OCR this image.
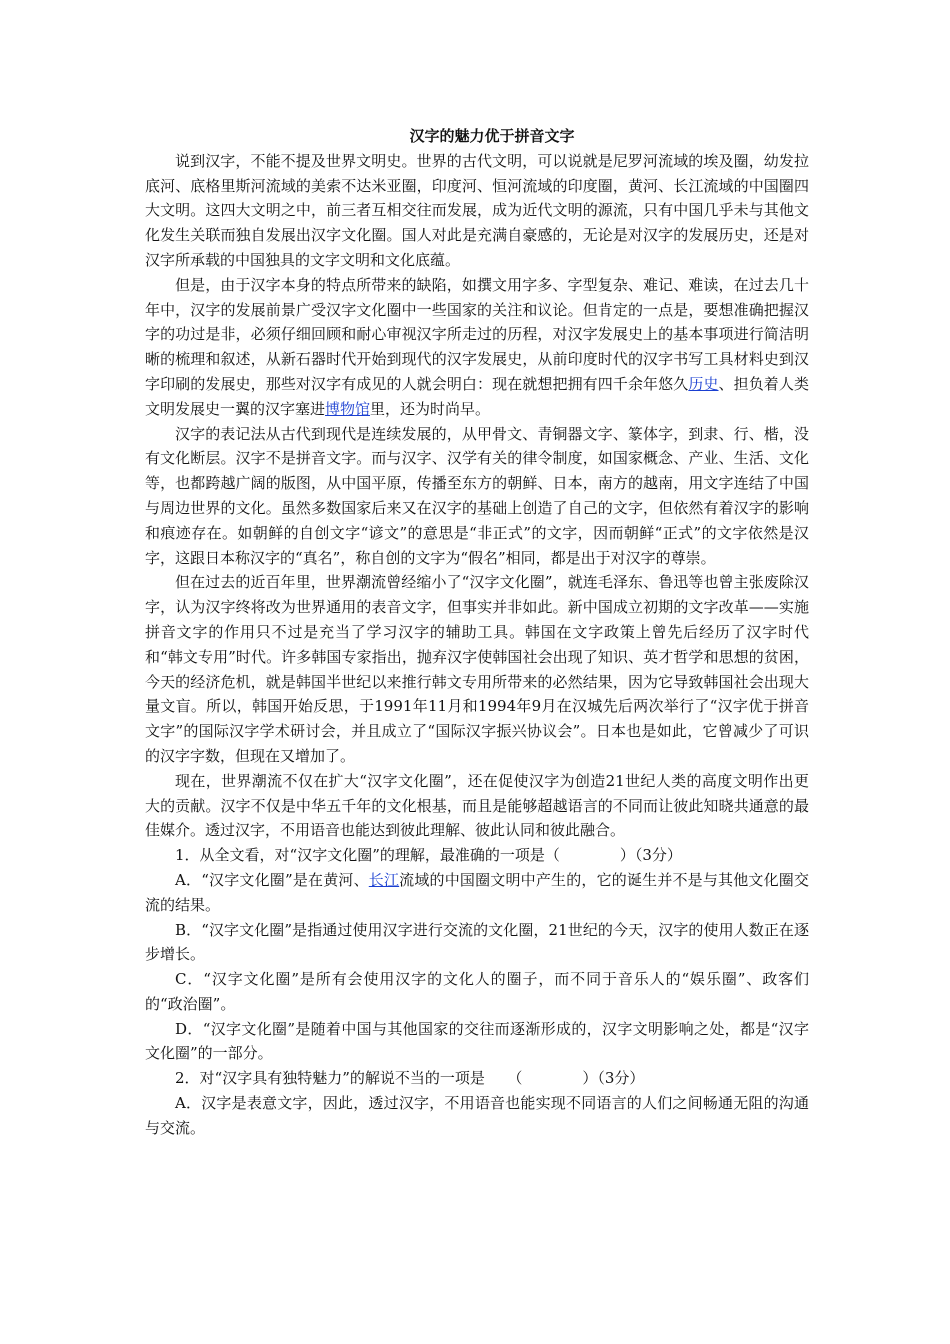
汉字的魅力优于拼音文字

说到汉字，不能不提及世界文明史。世界的古代文明，可以说就是尼罗河流域的埃及圈，幼发拉底河、底格里斯河流域的美索不达米亚圈，印度河、恒河流域的印度圈，黄河、长江流域的中国圈四大文明。这四大文明之中，前三者互相交往而发展，成为近代文明的源流，只有中国几乎未与其他文化发生关联而独自发展出汉字文化圈。国人对此是充满自豪感的，无论是对汉字的发展历史，还是对汉字所承载的中国独具的文字文明和文化底蕴。

但是，由于汉字本身的特点所带来的缺陷，如撰文用字多、字型复杂、难记、难读，在过去几十年中，汉字的发展前景广受汉字文化圈中一些国家的关注和议论。但肯定的一点是，要想准确把握汉字的功过是非，必须仔细回顾和耐心审视汉字所走过的历程，对汉字发展史上的基本事项进行简洁明晰的梳理和叙述，从新石器时代开始到现代的汉字发展史，从前印度时代的汉字书写工具材料史到汉字印刷的发展史，那些对汉字有成见的人就会明白：现在就想把拥有四千余年悠久历史、担负着人类文明发展史一翼的汉字塞进博物馆里，还为时尚早。

汉字的表记法从古代到现代是连续发展的，从甲骨文、青铜器文字、篆体字，到隶、行、楷，没有文化断层。汉字不是拼音文字。而与汉字、汉学有关的律令制度，如国家概念、产业、生活、文化等，也都跨越广阔的版图，从中国平原，传播至东方的朝鲜、日本，南方的越南，用文字连结了中国与周边世界的文化。虽然多数国家后来又在汉字的基础上创造了自己的文字，但依然有着汉字的影响和痕迹存在。如朝鲜的自创文字“谚文”的意思是“非正式”的文字，因而朝鲜“正式”的文字依然是汉字，这跟日本称汉字的“真名”，称自创的文字为“假名”相同，都是出于对汉字的尊崇。

但在过去的近百年里，世界潮流曾经缩小了“汉字文化圈”，就连毛泽东、鲁迅等也曾主张废除汉字，认为汉字终将改为世界通用的表音文字，但事实并非如此。新中国成立初期的文字改革——实施拼音文字的作用只不过是充当了学习汉字的辅助工具。韩国在文字政策上曾先后经历了汉字时代和“韩文专用”时代。许多韩国专家指出，抛弃汉字使韩国社会出现了知识、英才哲学和思想的贫困，今天的经济危机，就是韩国半世纪以来推行韩文专用所带来的必然结果，因为它导致韩国社会出现大量文盲。所以，韩国开始反思，于1991年11月和1994年9月在汉城先后两次举行了“汉字优于拼音文字”的国际汉字学术研讨会，并且成立了“国际汉字振兴协议会”。日本也是如此，它曾减少了可识的汉字字数，但现在又增加了。

现在，世界潮流不仅在扩大“汉字文化圈”，还在促使汉字为创造21世纪人类的高度文明作出更大的贡献。汉字不仅是中华五千年的文化根基，而且是能够超越语言的不同而让彼此知晓共通意的最佳媒介。透过汉字，不用语音也能达到彼此理解、彼此认同和彼此融合。

1．从全文看，对“汉字文化圈”的理解，最准确的一项是（　　　　）（3分）

A．“汉字文化圈”是在黄河、长江流域的中国圈文明中产生的，它的诞生并不是与其他文化圈交流的结果。

B．“汉字文化圈”是指通过使用汉字进行交流的文化圈，21世纪的今天，汉字的使用人数正在逐步增长。

C．“汉字文化圈”是所有会使用汉字的文化人的圈子，而不同于音乐人的“娱乐圈”、政客们的“政治圈”。

D．“汉字文化圈”是随着中国与其他国家的交往而逐渐形成的，汉字文明影响之处，都是“汉字文化圈”的一部分。

2．对“汉字具有独特魅力”的解说不当的一项是　　（　　　　）（3分）

A．汉字是表意文字，因此，透过汉字，不用语音也能实现不同语言的人们之间畅通无阻的沟通与交流。
